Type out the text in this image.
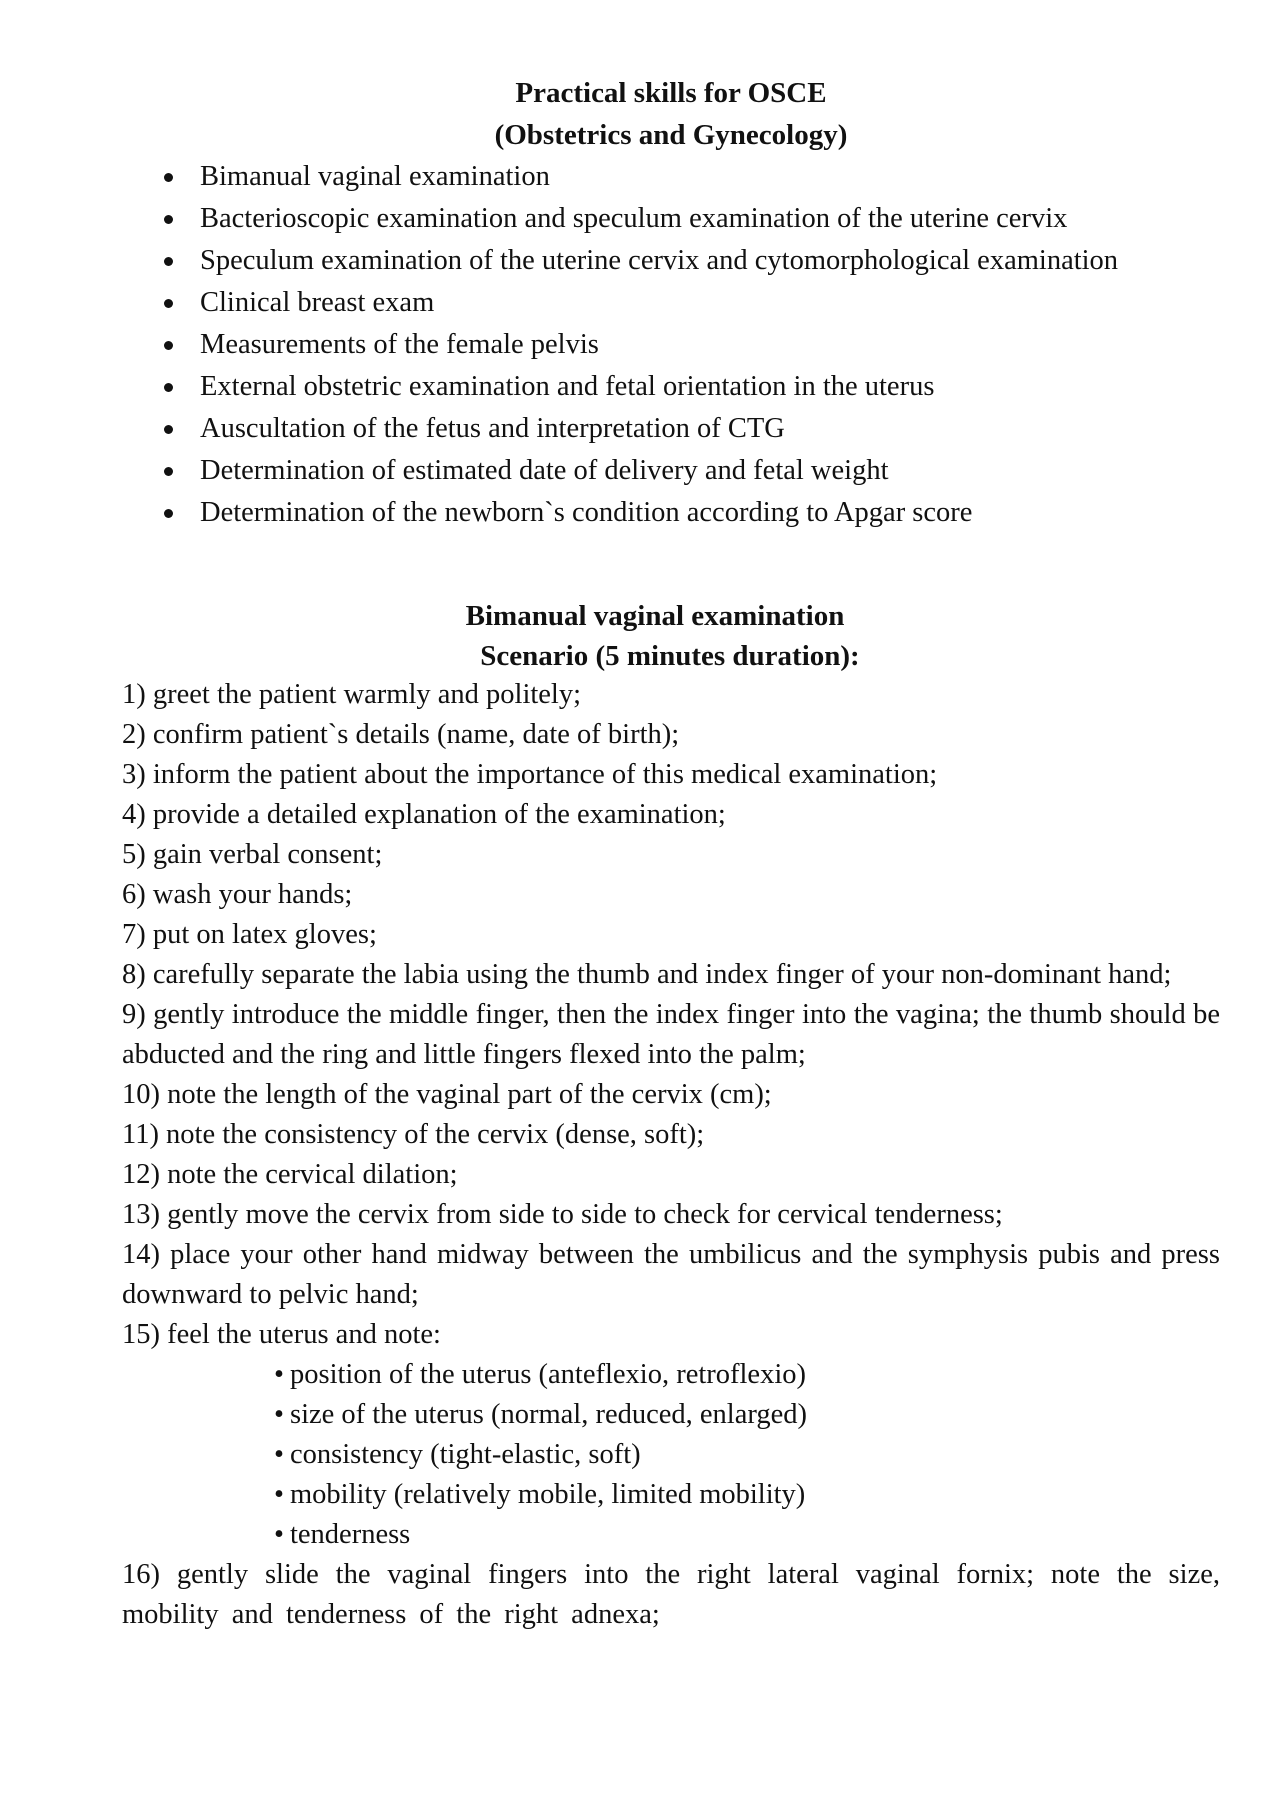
Practical skills for OSCE
(Obstetrics and Gynecology)
Bimanual vaginal examination
Bacterioscopic examination and speculum examination of the uterine cervix
Speculum examination of the uterine cervix and cytomorphological examination
Clinical breast exam
Measurements of the female pelvis
External obstetric examination and fetal orientation in the uterus
Auscultation of the fetus and interpretation of CTG
Determination of estimated date of delivery and fetal weight
Determination of the newborn`s condition according to Apgar score
Bimanual vaginal examination
Scenario (5 minutes duration):

1) greet the patient warmly and politely;

2) confirm patient`s details (name, date of birth);

3) inform the patient about the importance of this medical examination;

4) provide a detailed explanation of the examination;

5) gain verbal consent;

6) wash your hands;

7) put on latex gloves;

8) carefully separate the labia using the thumb and index finger of your non-dominant hand;

9) gently introduce the middle finger, then the index finger into the vagina; the thumb should be abducted and the ring and little fingers flexed into the palm;

10) note the length of the vaginal part of the cervix (cm);

11) note the consistency of the cervix (dense, soft);

12) note the cervical dilation;

13) gently move the cervix from side to side to check for cervical tenderness;

14) place your other hand midway between the umbilicus and the symphysis pubis and press downward to pelvic hand;

15) feel the uterus and note:

• position of the uterus (anteflexio, retroflexio)
• size of the uterus (normal, reduced, enlarged)
• consistency (tight-elastic, soft)
• mobility (relatively mobile, limited mobility)
• tenderness

16) gently slide the vaginal fingers into the right lateral vaginal fornix; note the size, mobility and tenderness of the right adnexa;
